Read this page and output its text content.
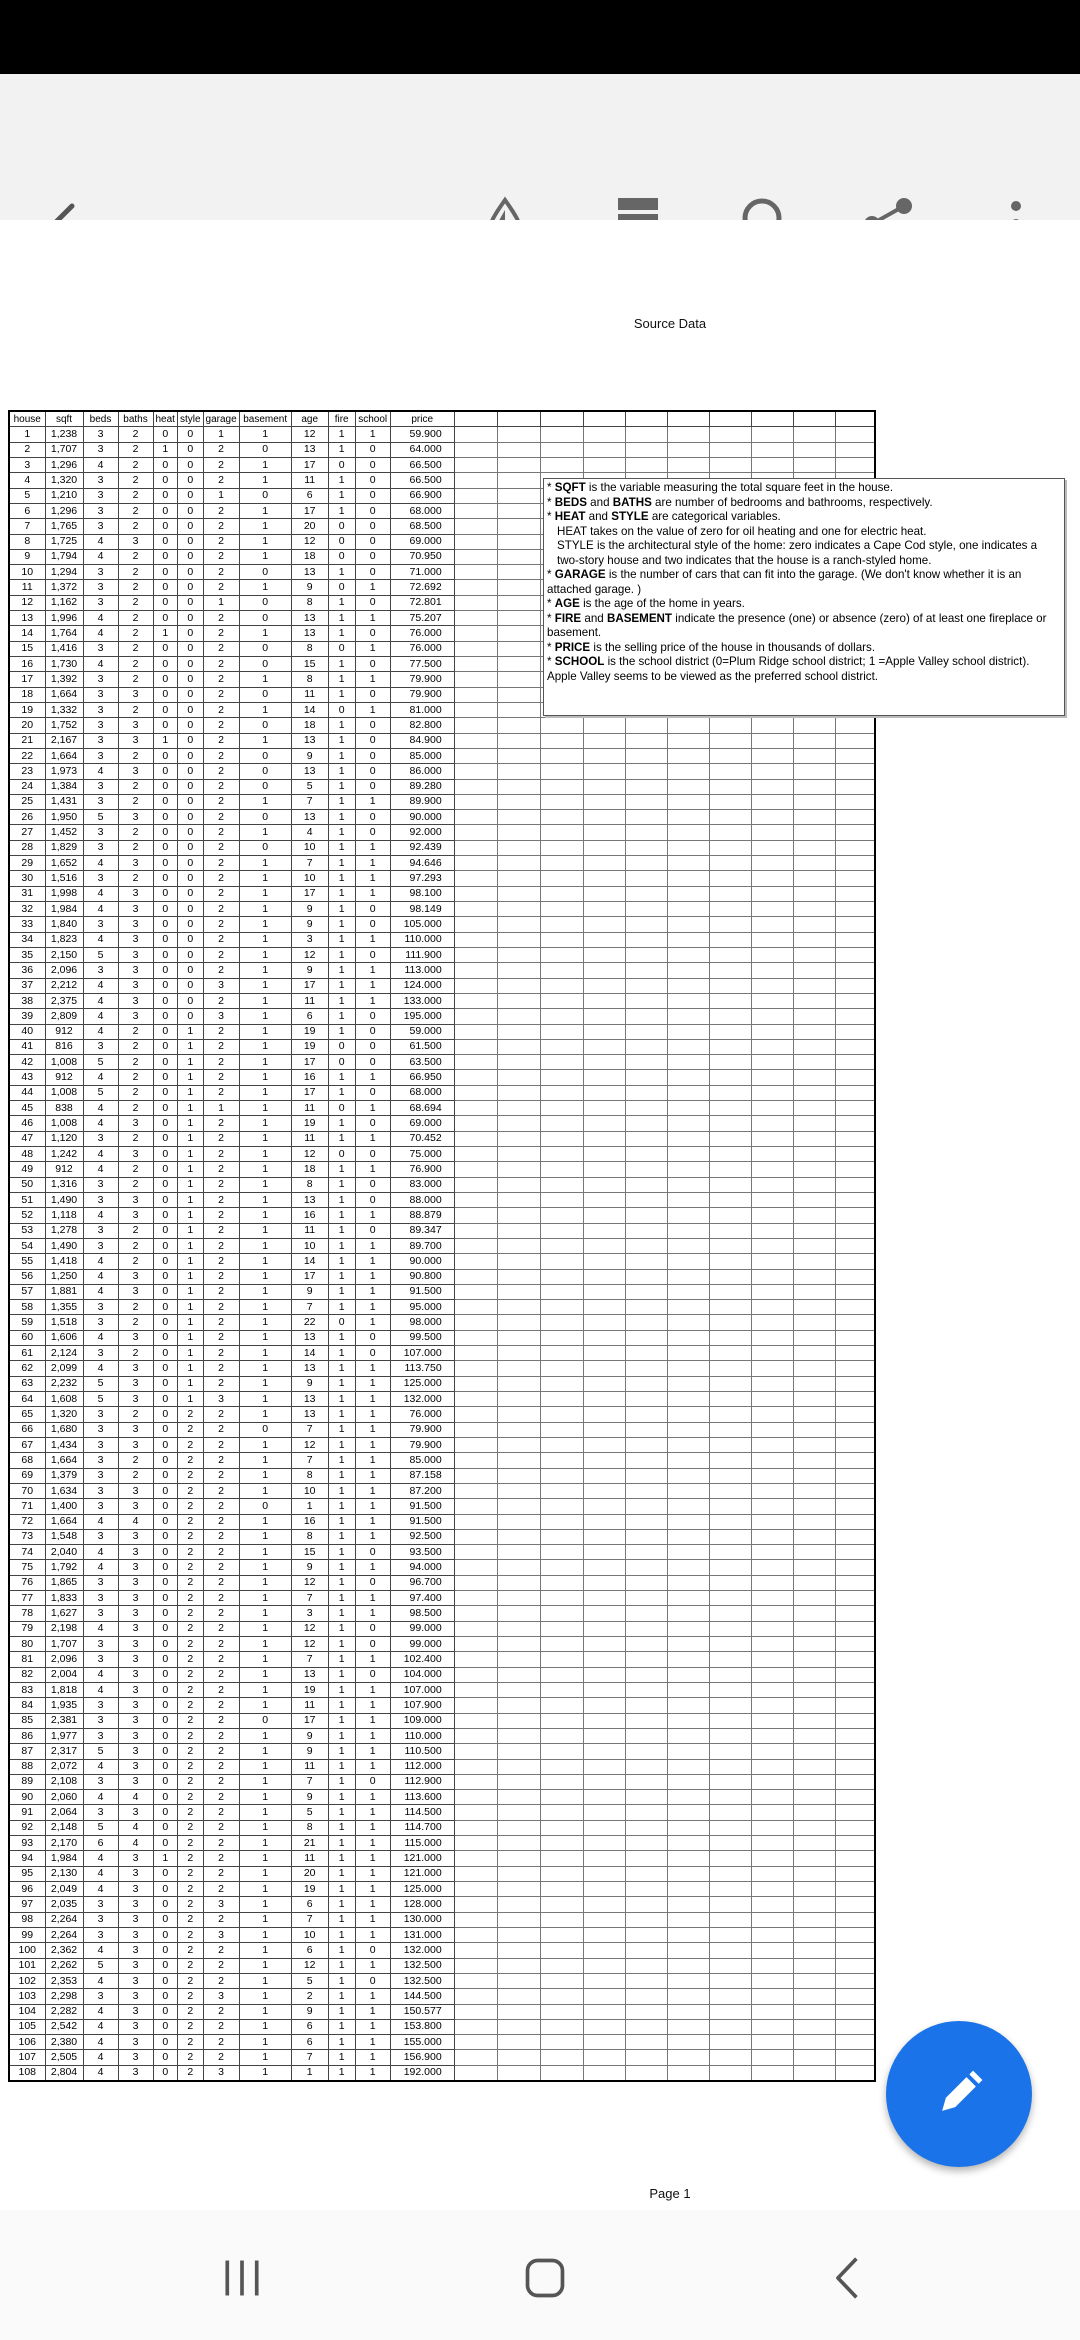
Source Data
house	sqft	beds	baths	heat	style	garage	basement	age	fire	school	price										
1	1,238	3	2	0	0	1	1	12	1	1	59.900										
2	1,707	3	2	1	0	2	0	13	1	0	64.000										
3	1,296	4	2	0	0	2	1	17	0	0	66.500										
4	1,320	3	2	0	0	2	1	11	1	0	66.500										
5	1,210	3	2	0	0	1	0	6	1	0	66.900										
6	1,296	3	2	0	0	2	1	17	1	0	68.000										
7	1,765	3	2	0	0	2	1	20	0	0	68.500										
8	1,725	4	3	0	0	2	1	12	0	0	69.000										
9	1,794	4	2	0	0	2	1	18	0	0	70.950										
10	1,294	3	2	0	0	2	0	13	1	0	71.000										
11	1,372	3	2	0	0	2	1	9	0	1	72.692										
12	1,162	3	2	0	0	1	0	8	1	0	72.801										
13	1,996	4	2	0	0	2	0	13	1	1	75.207										
14	1,764	4	2	1	0	2	1	13	1	0	76.000										
15	1,416	3	2	0	0	2	0	8	0	1	76.000										
16	1,730	4	2	0	0	2	0	15	1	0	77.500										
17	1,392	3	2	0	0	2	1	8	1	1	79.900										
18	1,664	3	3	0	0	2	0	11	1	0	79.900										
19	1,332	3	2	0	0	2	1	14	0	1	81.000										
20	1,752	3	3	0	0	2	0	18	1	0	82.800										
21	2,167	3	3	1	0	2	1	13	1	0	84.900										
22	1,664	3	2	0	0	2	0	9	1	0	85.000										
23	1,973	4	3	0	0	2	0	13	1	0	86.000										
24	1,384	3	2	0	0	2	0	5	1	0	89.280										
25	1,431	3	2	0	0	2	1	7	1	1	89.900										
26	1,950	5	3	0	0	2	0	13	1	0	90.000										
27	1,452	3	2	0	0	2	1	4	1	0	92.000										
28	1,829	3	2	0	0	2	0	10	1	1	92.439										
29	1,652	4	3	0	0	2	1	7	1	1	94.646										
30	1,516	3	2	0	0	2	1	10	1	1	97.293										
31	1,998	4	3	0	0	2	1	17	1	1	98.100										
32	1,984	4	3	0	0	2	1	9	1	0	98.149										
33	1,840	3	3	0	0	2	1	9	1	0	105.000										
34	1,823	4	3	0	0	2	1	3	1	1	110.000										
35	2,150	5	3	0	0	2	1	12	1	0	111.900										
36	2,096	3	3	0	0	2	1	9	1	1	113.000										
37	2,212	4	3	0	0	3	1	17	1	1	124.000										
38	2,375	4	3	0	0	2	1	11	1	1	133.000										
39	2,809	4	3	0	0	3	1	6	1	0	195.000										
40	912	4	2	0	1	2	1	19	1	0	59.000										
41	816	3	2	0	1	2	1	19	0	0	61.500										
42	1,008	5	2	0	1	2	1	17	0	0	63.500										
43	912	4	2	0	1	2	1	16	1	1	66.950										
44	1,008	5	2	0	1	2	1	17	1	0	68.000										
45	838	4	2	0	1	1	1	11	0	1	68.694										
46	1,008	4	3	0	1	2	1	19	1	0	69.000										
47	1,120	3	2	0	1	2	1	11	1	1	70.452										
48	1,242	4	3	0	1	2	1	12	0	0	75.000										
49	912	4	2	0	1	2	1	18	1	1	76.900										
50	1,316	3	2	0	1	2	1	8	1	0	83.000										
51	1,490	3	3	0	1	2	1	13	1	0	88.000										
52	1,118	4	3	0	1	2	1	16	1	1	88.879										
53	1,278	3	2	0	1	2	1	11	1	0	89.347										
54	1,490	3	2	0	1	2	1	10	1	1	89.700										
55	1,418	4	2	0	1	2	1	14	1	1	90.000										
56	1,250	4	3	0	1	2	1	17	1	1	90.800										
57	1,881	4	3	0	1	2	1	9	1	1	91.500										
58	1,355	3	2	0	1	2	1	7	1	1	95.000										
59	1,518	3	2	0	1	2	1	22	0	1	98.000										
60	1,606	4	3	0	1	2	1	13	1	0	99.500										
61	2,124	3	2	0	1	2	1	14	1	0	107.000										
62	2,099	4	3	0	1	2	1	13	1	1	113.750										
63	2,232	5	3	0	1	2	1	9	1	1	125.000										
64	1,608	5	3	0	1	3	1	13	1	1	132.000										
65	1,320	3	2	0	2	2	1	13	1	1	76.000										
66	1,680	3	3	0	2	2	0	7	1	1	79.900										
67	1,434	3	3	0	2	2	1	12	1	1	79.900										
68	1,664	3	2	0	2	2	1	7	1	1	85.000										
69	1,379	3	2	0	2	2	1	8	1	1	87.158										
70	1,634	3	3	0	2	2	1	10	1	1	87.200										
71	1,400	3	3	0	2	2	0	1	1	1	91.500										
72	1,664	4	4	0	2	2	1	16	1	1	91.500										
73	1,548	3	3	0	2	2	1	8	1	1	92.500										
74	2,040	4	3	0	2	2	1	15	1	0	93.500										
75	1,792	4	3	0	2	2	1	9	1	1	94.000										
76	1,865	3	3	0	2	2	1	12	1	0	96.700										
77	1,833	3	3	0	2	2	1	7	1	1	97.400										
78	1,627	3	3	0	2	2	1	3	1	1	98.500										
79	2,198	4	3	0	2	2	1	12	1	0	99.000										
80	1,707	3	3	0	2	2	1	12	1	0	99.000										
81	2,096	3	3	0	2	2	1	7	1	1	102.400										
82	2,004	4	3	0	2	2	1	13	1	0	104.000										
83	1,818	4	3	0	2	2	1	19	1	1	107.000										
84	1,935	3	3	0	2	2	1	11	1	1	107.900										
85	2,381	3	3	0	2	2	0	17	1	1	109.000										
86	1,977	3	3	0	2	2	1	9	1	1	110.000										
87	2,317	5	3	0	2	2	1	9	1	1	110.500										
88	2,072	4	3	0	2	2	1	11	1	1	112.000										
89	2,108	3	3	0	2	2	1	7	1	0	112.900										
90	2,060	4	4	0	2	2	1	9	1	1	113.600										
91	2,064	3	3	0	2	2	1	5	1	1	114.500										
92	2,148	5	4	0	2	2	1	8	1	1	114.700										
93	2,170	6	4	0	2	2	1	21	1	1	115.000										
94	1,984	4	3	1	2	2	1	11	1	1	121.000										
95	2,130	4	3	0	2	2	1	20	1	1	121.000										
96	2,049	4	3	0	2	2	1	19	1	1	125.000										
97	2,035	3	3	0	2	3	1	6	1	1	128.000										
98	2,264	3	3	0	2	2	1	7	1	1	130.000										
99	2,264	3	3	0	2	3	1	10	1	1	131.000										
100	2,362	4	3	0	2	2	1	6	1	0	132.000										
101	2,262	5	3	0	2	2	1	12	1	1	132.500										
102	2,353	4	3	0	2	2	1	5	1	0	132.500										
103	2,298	3	3	0	2	3	1	2	1	1	144.500										
104	2,282	4	3	0	2	2	1	9	1	1	150.577										
105	2,542	4	3	0	2	2	1	6	1	1	153.800										
106	2,380	4	3	0	2	2	1	6	1	1	155.000										
107	2,505	4	3	0	2	2	1	7	1	1	156.900										
108	2,804	4	3	0	2	3	1	1	1	1	192.000										
* SQFT is the variable measuring the total square feet in the house.
* BEDS and BATHS are number of bedrooms and bathrooms, respectively.
* HEAT and STYLE are categorical variables.
HEAT takes on the value of zero for oil heating and one for electric heat.
STYLE is the architectural style of the home: zero indicates a Cape Cod style, one indicates a two-story house and two indicates that the house is a ranch-styled home.
* GARAGE is the number of cars that can fit into the garage. (We don't know whether it is an attached garage. )
* AGE is the age of the home in years.
* FIRE and BASEMENT indicate the presence (one) or absence (zero) of at least one fireplace or basement.
* PRICE is the selling price of the house in thousands of dollars.
* SCHOOL is the school district (0=Plum Ridge school district; 1 =Apple Valley school district). Apple Valley seems to be viewed as the preferred school district.
Page 1
